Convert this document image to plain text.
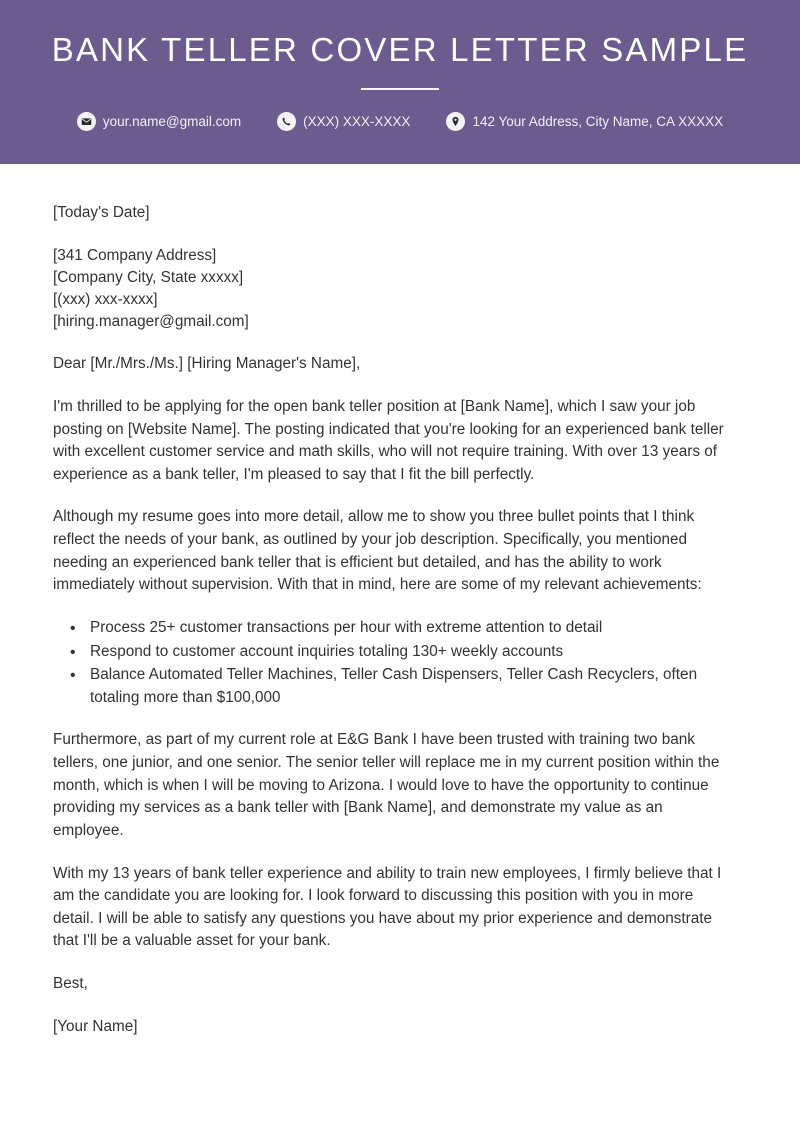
BANK TELLER COVER LETTER SAMPLE
your.name@gmail.com	(XXX) XXX-XXXX	142 Your Address, City Name, CA XXXXX

[Today's Date]

[341 Company Address]
[Company City, State xxxxx]
[(xxx) xxx-xxxx]
[hiring.manager@gmail.com]

Dear [Mr./Mrs./Ms.] [Hiring Manager's Name],

I'm thrilled to be applying for the open bank teller position at [Bank Name], which I saw your job posting on [Website Name]. The posting indicated that you're looking for an experienced bank teller with excellent customer service and math skills, who will not require training. With over 13 years of experience as a bank teller, I'm pleased to say that I fit the bill perfectly.

Although my resume goes into more detail, allow me to show you three bullet points that I think reflect the needs of your bank, as outlined by your job description. Specifically, you mentioned needing an experienced bank teller that is efficient but detailed, and has the ability to work immediately without supervision. With that in mind, here are some of my relevant achievements:

• Process 25+ customer transactions per hour with extreme attention to detail
• Respond to customer account inquiries totaling 130+ weekly accounts
• Balance Automated Teller Machines, Teller Cash Dispensers, Teller Cash Recyclers, often totaling more than $100,000

Furthermore, as part of my current role at E&G Bank I have been trusted with training two bank tellers, one junior, and one senior. The senior teller will replace me in my current position within the month, which is when I will be moving to Arizona. I would love to have the opportunity to continue providing my services as a bank teller with [Bank Name], and demonstrate my value as an employee.

With my 13 years of bank teller experience and ability to train new employees, I firmly believe that I am the candidate you are looking for. I look forward to discussing this position with you in more detail. I will be able to satisfy any questions you have about my prior experience and demonstrate that I'll be a valuable asset for your bank.

Best,

[Your Name]
